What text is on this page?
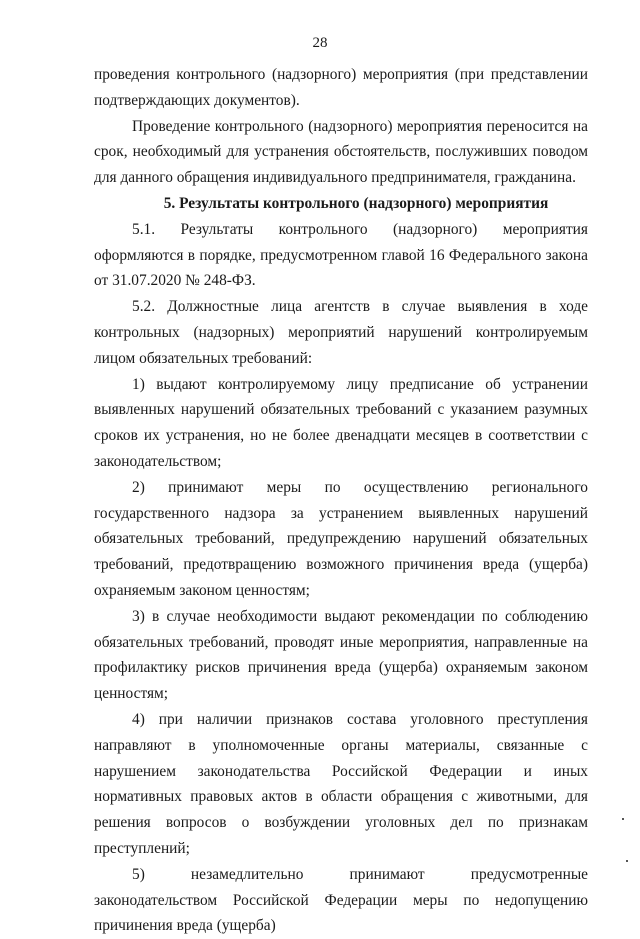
28

проведения контрольного (надзорного) мероприятия (при представлении подтверждающих документов).

Проведение контрольного (надзорного) мероприятия переносится на срок, необходимый для устранения обстоятельств, послуживших поводом для данного обращения индивидуального предпринимателя, гражданина.

5. Результаты контрольного (надзорного) мероприятия

5.1. Результаты контрольного (надзорного) мероприятия оформляются в порядке, предусмотренном главой 16 Федерального закона от 31.07.2020 № 248-ФЗ.

5.2. Должностные лица агентств в случае выявления в ходе контрольных (надзорных) мероприятий нарушений контролируемым лицом обязательных требований:

1) выдают контролируемому лицу предписание об устранении выявленных нарушений обязательных требований с указанием разумных сроков их устранения, но не более двенадцати месяцев в соответствии с законодательством;

2) принимают меры по осуществлению регионального государственного надзора за устранением выявленных нарушений обязательных требований, предупреждению нарушений обязательных требований, предотвращению возможного причинения вреда (ущерба) охраняемым законом ценностям;

3) в случае необходимости выдают рекомендации по соблюдению обязательных требований, проводят иные мероприятия, направленные на профилактику рисков причинения вреда (ущерба) охраняемым законом ценностям;

4) при наличии признаков состава уголовного преступления направляют в уполномоченные органы материалы, связанные с нарушением законодательства Российской Федерации и иных нормативных правовых актов в области обращения с животными, для решения вопросов о возбуждении уголовных дел по признакам преступлений;

5) незамедлительно принимают предусмотренные законодательством Российской Федерации меры по недопущению причинения вреда (ущерба)
